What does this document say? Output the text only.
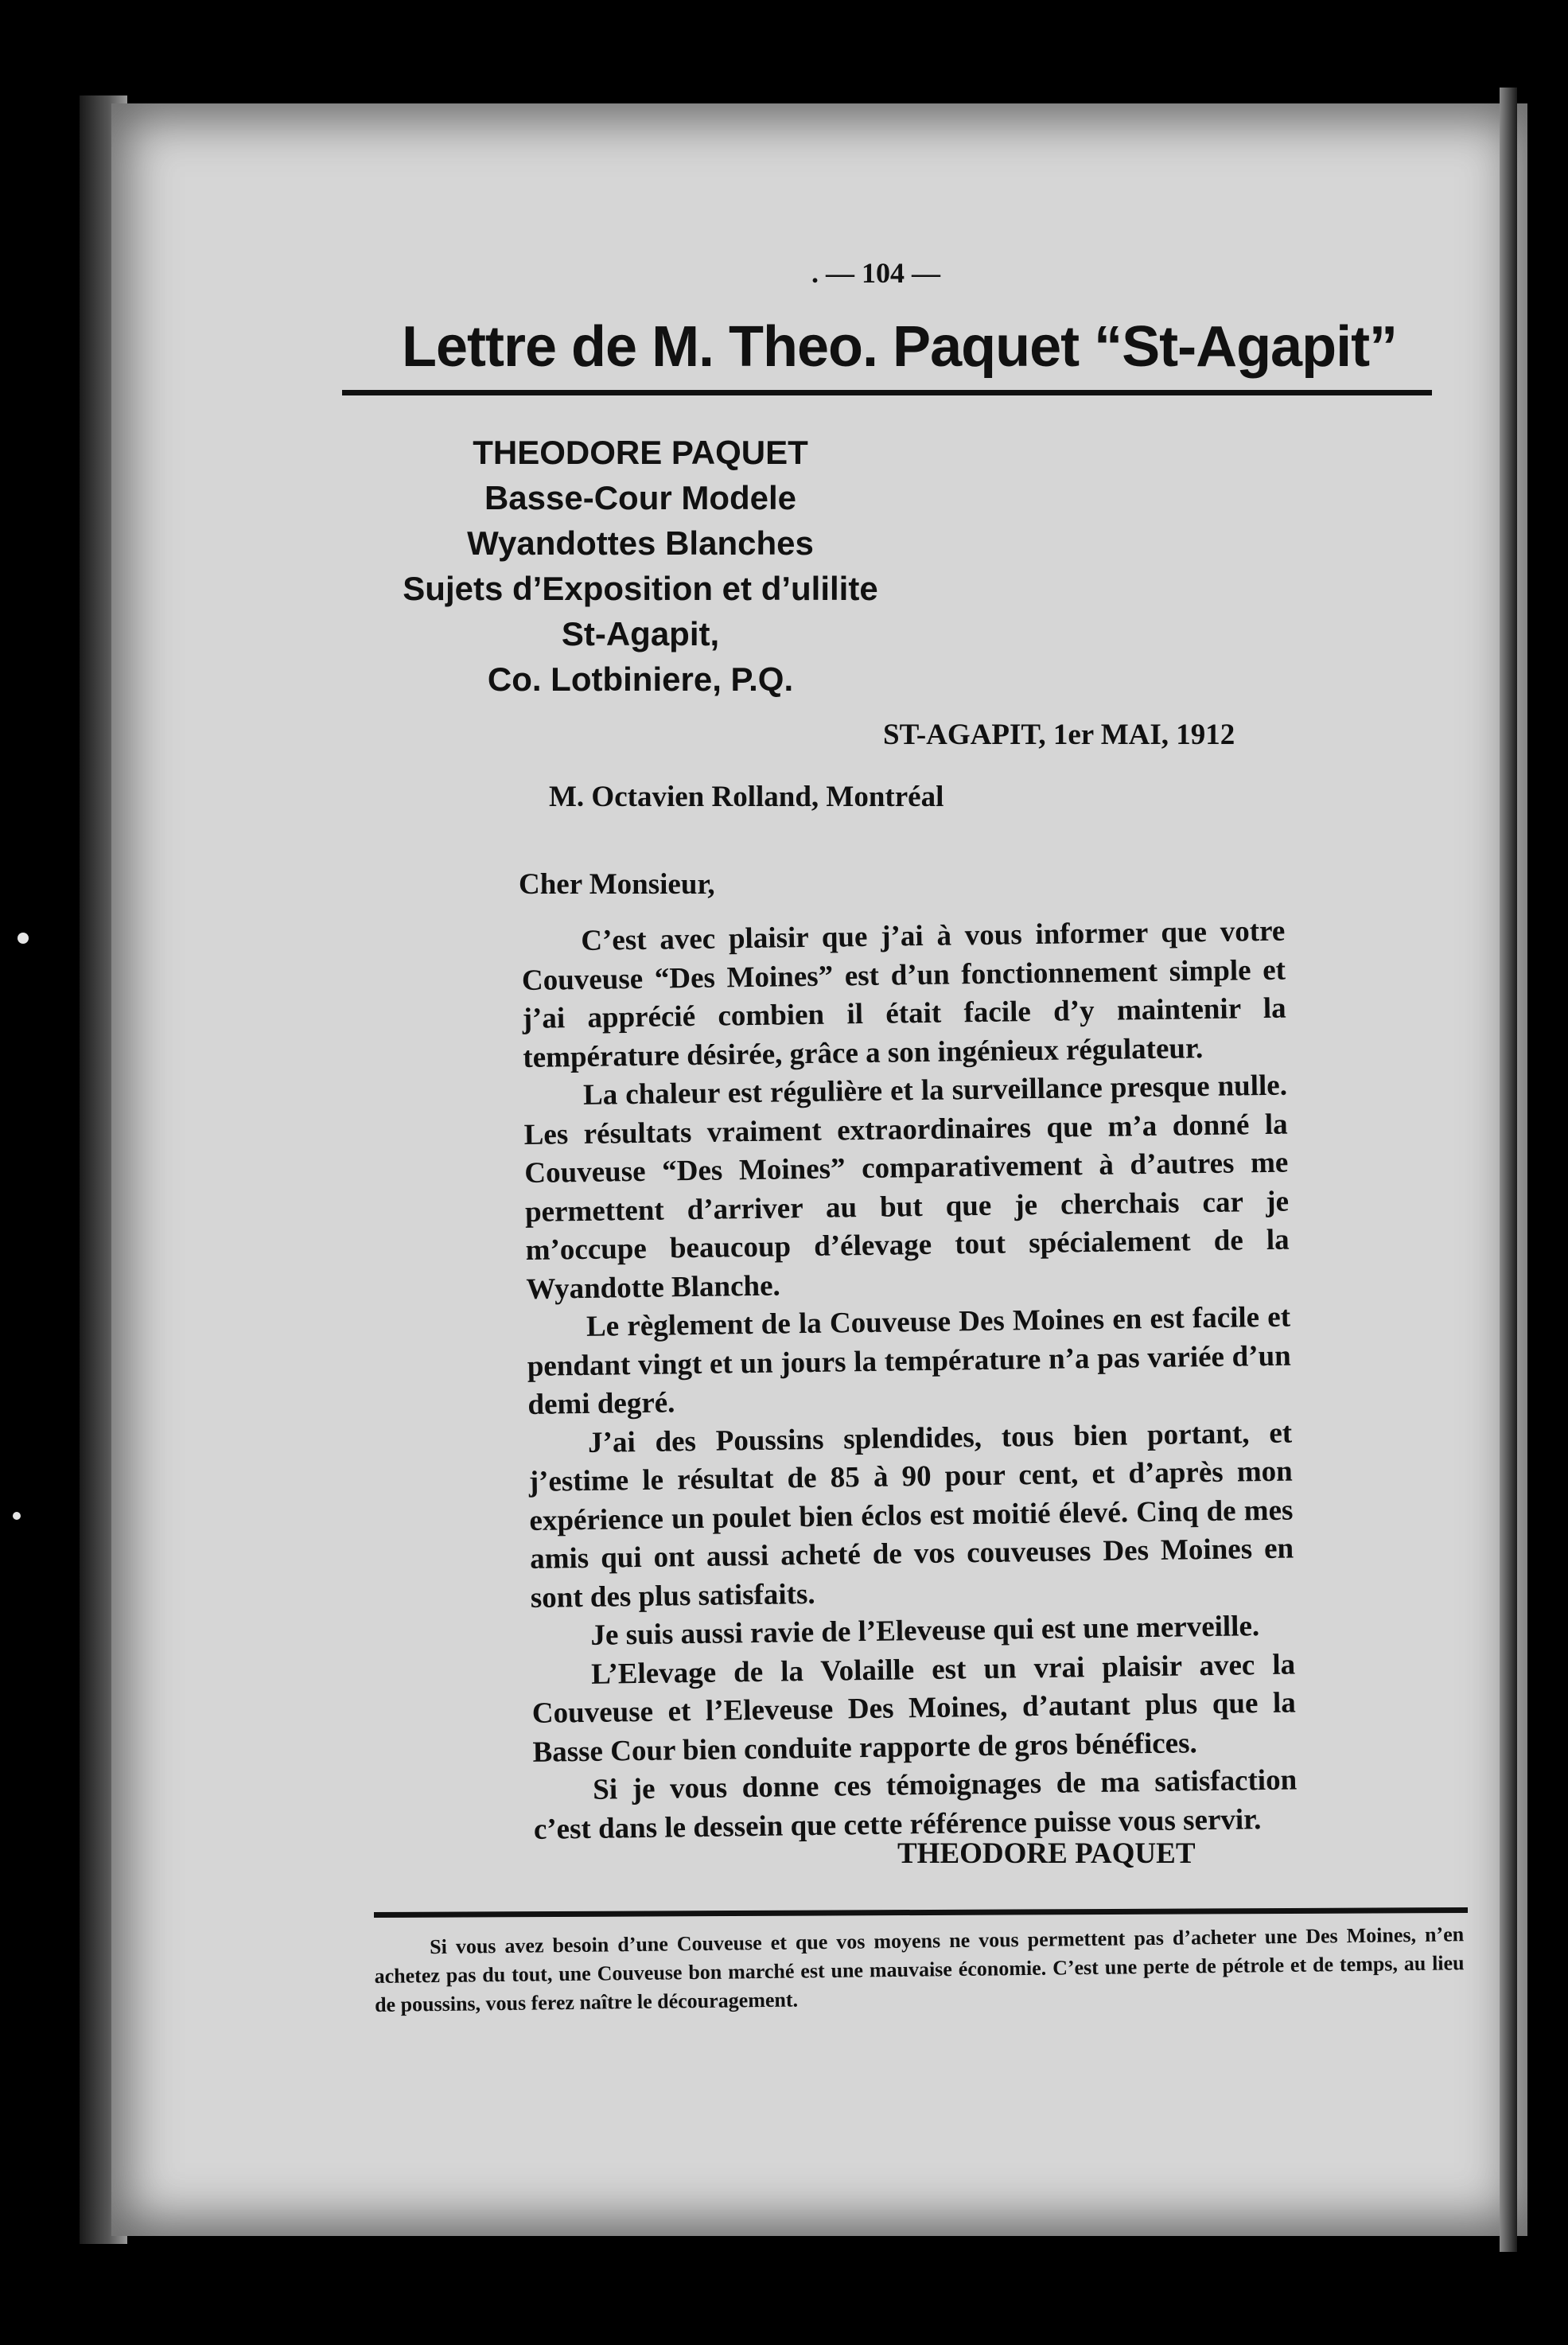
. — 104 —
Lettre de M. Theo. Paquet “St-Agapit”
THEODORE PAQUET
Basse-Cour Modele
Wyandottes Blanches
Sujets d’Exposition et d’ulilite
St-Agapit,
Co. Lotbiniere, P.Q.
ST-AGAPIT, 1er MAI, 1912
M. Octavien Rolland, Montréal
Cher Monsieur,

C’est avec plaisir que j’ai à vous informer que votre Couveuse “Des Moines” est d’un fonctionnement simple et j’ai apprécié combien il était facile d’y maintenir la température désirée, grâce a son ingénieux régulateur.

La chaleur est régulière et la surveillance presque nulle. Les résultats vraiment extraordinaires que m’a donné la Couveuse “Des Moines” comparativement à d’autres me permettent d’arriver au but que je cherchais car je m’occupe beaucoup d’élevage tout spécialement de la Wyandotte Blanche.

Le règlement de la Couveuse Des Moines en est facile et pendant vingt et un jours la température n’a pas variée d’un demi degré.

J’ai des Poussins splendides, tous bien portant, et j’estime le résultat de 85 à 90 pour cent, et d’après mon expérience un poulet bien éclos est moitié élevé. Cinq de mes amis qui ont aussi acheté de vos couveuses Des Moines en sont des plus satisfaits.

Je suis aussi ravie de l’Eleveuse qui est une merveille.

L’Elevage de la Volaille est un vrai plaisir avec la Couveuse et l’Eleveuse Des Moines, d’autant plus que la Basse Cour bien conduite rapporte de gros bénéfices.

Si je vous donne ces témoignages de ma satisfaction c’est dans le dessein que cette référence puisse vous servir.

THEODORE PAQUET

Si vous avez besoin d’une Couveuse et que vos moyens ne vous permettent pas d’acheter une Des Moines, n’en achetez pas du tout, une Couveuse bon marché est une mauvaise économie. C’est une perte de pétrole et de temps, au lieu de poussins, vous ferez naître le découragement.
